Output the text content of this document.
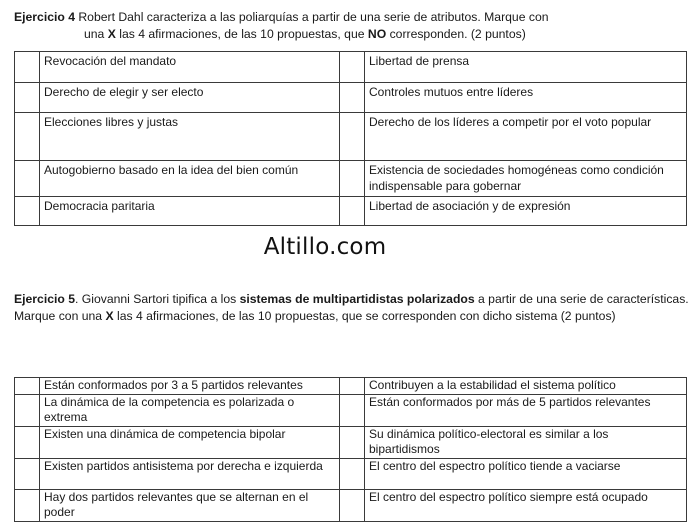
Ejercicio 4 Robert Dahl caracteriza a las poliarquías a partir de una serie de atributos. Marque con
una X las 4 afirmaciones, de las 10 propuestas, que NO corresponden. (2 puntos)

	Revocación del mandato		Libertad de prensa
	Derecho de elegir y ser electo		Controles mutuos entre líderes
	Elecciones libres y justas		Derecho de los líderes a competir por el voto popular
	Autogobierno basado en la idea del bien común		Existencia de sociedades homogéneas como condición indispensable para gobernar
	Democracia paritaria		Libertad de asociación y de expresión
Altillo.com

Ejercicio 5. Giovanni Sartori tipifica a los sistemas de multipartidistas polarizados a partir de una serie de características. Marque con una X las 4 afirmaciones, de las 10 propuestas, que se corresponden con dicho sistema (2 puntos)

	Están conformados por 3 a 5 partidos relevantes		Contribuyen a la estabilidad el sistema político
	La dinámica de la competencia es polarizada o extrema		Están conformados por más de 5 partidos relevantes
	Existen una dinámica de competencia bipolar		Su dinámica político-electoral es similar a los bipartidismos
	Existen partidos antisistema por derecha e izquierda		El centro del espectro político tiende a vaciarse
	Hay dos partidos relevantes que se alternan en el poder		El centro del espectro político siempre está ocupado
